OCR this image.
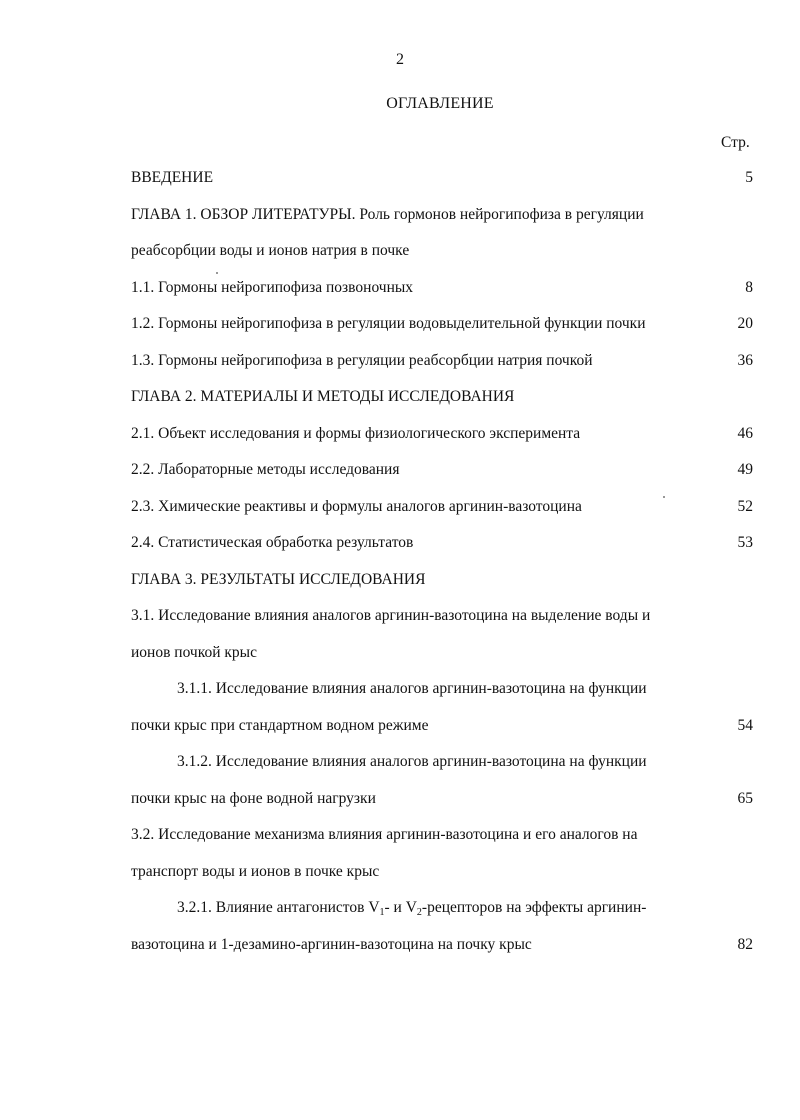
2
ОГЛАВЛЕНИЕ
Стр.
ВВЕДЕНИЕ	5
ГЛАВА 1. ОБЗОР ЛИТЕРАТУРЫ. Роль гормонов нейрогипофиза в регуляции
реабсорбции воды и ионов натрия в почке
1.1. Гормоны нейрогипофиза позвоночных	8
1.2. Гормоны нейрогипофиза в регуляции водовыделительной функции почки	20
1.3. Гормоны нейрогипофиза в регуляции реабсорбции натрия почкой	36
ГЛАВА 2. МАТЕРИАЛЫ И МЕТОДЫ ИССЛЕДОВАНИЯ
2.1. Объект исследования и формы физиологического эксперимента	46
2.2. Лабораторные методы исследования	49
2.3. Химические реактивы и формулы аналогов аргинин-вазотоцина	52
2.4. Статистическая обработка результатов	53
ГЛАВА 3. РЕЗУЛЬТАТЫ ИССЛЕДОВАНИЯ
3.1. Исследование влияния аналогов аргинин-вазотоцина на выделение воды и
ионов почкой крыс
3.1.1. Исследование влияния аналогов аргинин-вазотоцина на функции
почки крыс при стандартном водном режиме	54
3.1.2. Исследование влияния аналогов аргинин-вазотоцина на функции
почки крыс на фоне водной нагрузки	65
3.2. Исследование механизма влияния аргинин-вазотоцина и его аналогов на
транспорт воды и ионов в почке крыс
3.2.1. Влияние антагонистов $V_1-$ и $V_2$-рецепторов на эффекты аргинин-
вазотоцина и 1-дезамино-аргинин-вазотоцина на почку крыс	82
